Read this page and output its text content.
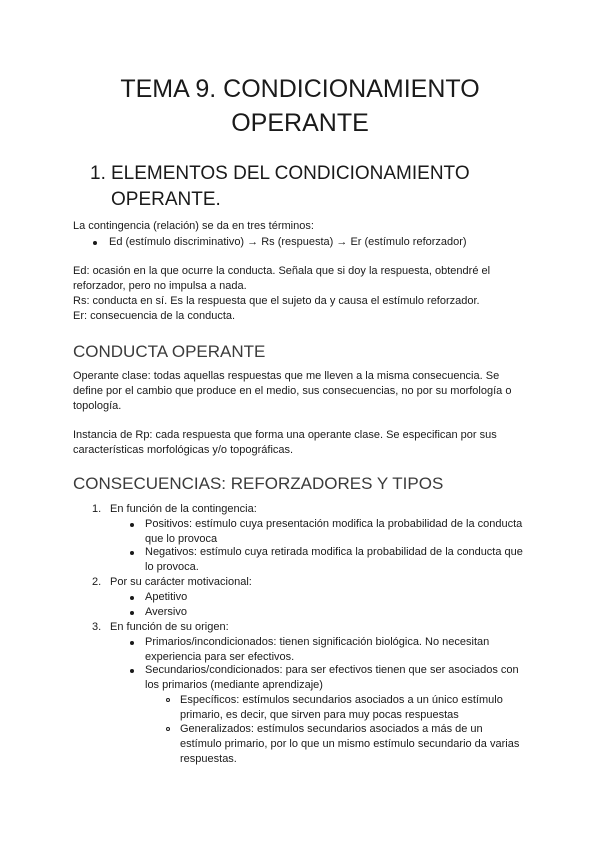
TEMA 9. CONDICIONAMIENTO
OPERANTE
1. ELEMENTOS DEL CONDICIONAMIENTO
OPERANTE.

La contingencia (relación) se da en tres términos:

Ed (estímulo discriminativo) → Rs (respuesta) → Er (estímulo reforzador)

Ed: ocasión en la que ocurre la conducta. Señala que si doy la respuesta, obtendré el

reforzador, pero no impulsa a nada.

Rs: conducta en sí. Es la respuesta que el sujeto da y causa el estímulo reforzador.

Er: consecuencia de la conducta.

CONDUCTA OPERANTE

Operante clase: todas aquellas respuestas que me lleven a la misma consecuencia. Se

define por el cambio que produce en el medio, sus consecuencias, no por su morfología o

topología.

Instancia de Rp: cada respuesta que forma una operante clase. Se especifican por sus

características morfológicas y/o topográficas.

CONSECUENCIAS: REFORZADORES Y TIPOS
1. En función de la contingencia:
Positivos: estímulo cuya presentación modifica la probabilidad de la conducta
que lo provoca
Negativos: estímulo cuya retirada modifica la probabilidad de la conducta que
lo provoca.
2. Por su carácter motivacional:
Apetitivo
Aversivo
3. En función de su origen:
Primarios/incondicionados: tienen significación biológica. No necesitan
experiencia para ser efectivos.
Secundarios/condicionados: para ser efectivos tienen que ser asociados con
los primarios (mediante aprendizaje)
Específicos: estímulos secundarios asociados a un único estímulo
primario, es decir, que sirven para muy pocas respuestas
Generalizados: estímulos secundarios asociados a más de un
estímulo primario, por lo que un mismo estímulo secundario da varias
respuestas.
